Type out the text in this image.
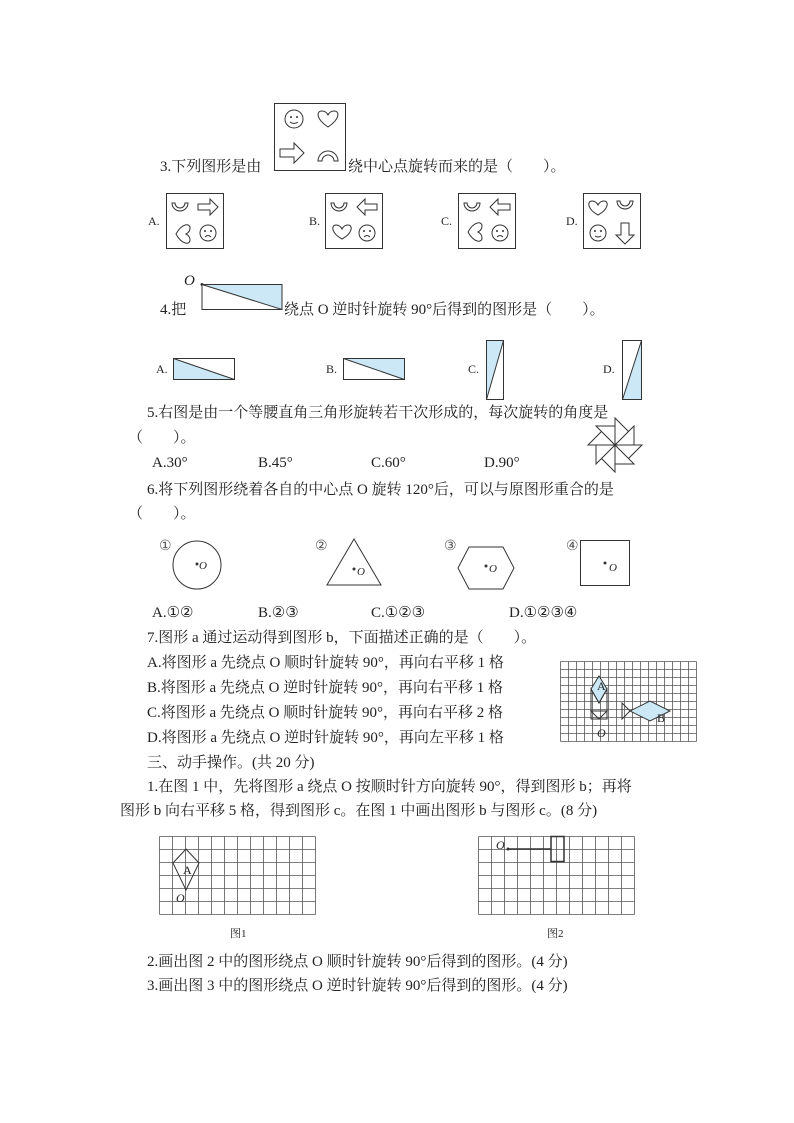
3.下列图形是由	绕中心点旋转而来的是（　　）。
A.	B.	C.	D.
O
4.把	绕点 O 逆时针旋转 90°后得到的图形是（　　）。
A.	B.	C.	D.
5.右图是由一个等腰直角三角形旋转若干次形成的，每次旋转的角度是
（　　）。
A.30°	B.45°	C.60°	D.90°
6.将下列图形绕着各自的中心点 O 旋转 120°后，可以与原图形重合的是
（　　）。
①
O
②
O
③
O
④
O
A.①②	B.②③	C.①②③	D.①②③④
7.图形 a 通过运动得到图形 b，下面描述正确的是（　　）。
A.将图形 a 先绕点 O 顺时针旋转 90°，再向右平移 1 格
B.将图形 a 先绕点 O 逆时针旋转 90°，再向右平移 1 格
C.将图形 a 先绕点 O 顺时针旋转 90°，再向右平移 2 格
D.将图形 a 先绕点 O 逆时针旋转 90°，再向左平移 1 格
A
B
O
三、动手操作。(共 20 分)
1.在图 1 中，先将图形 a 绕点 O 按顺时针方向旋转 90°，得到图形 b；再将
图形 b 向右平移 5 格，得到图形 c。在图 1 中画出图形 b 与图形 c。(8 分)
A
O
图1
O
图2
2.画出图 2 中的图形绕点 O 顺时针旋转 90°后得到的图形。(4 分)
3.画出图 3 中的图形绕点 O 逆时针旋转 90°后得到的图形。(4 分)
